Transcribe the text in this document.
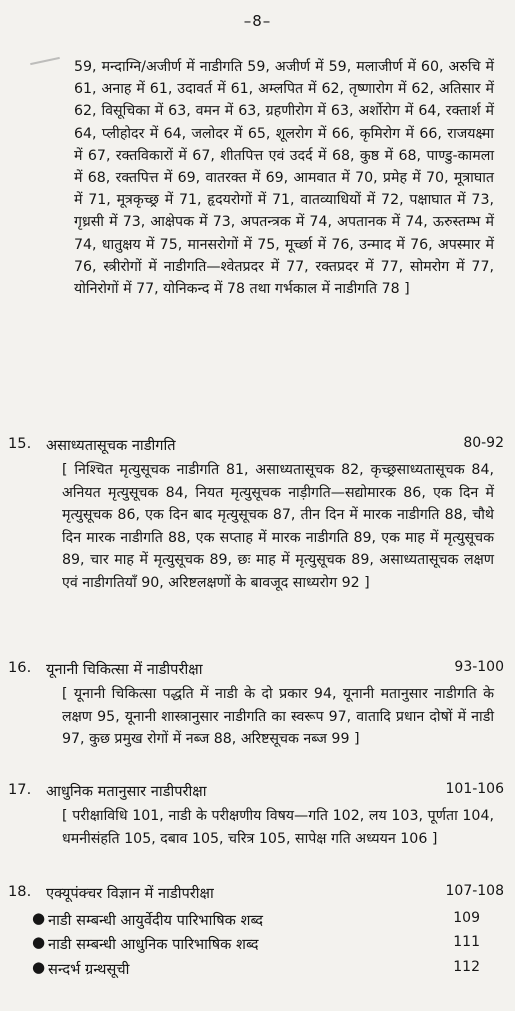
–8–
59, मन्दाग्नि/अजीर्ण में नाडीगति 59, अजीर्ण में 59, मलाजीर्ण में 60, अरुचि में 61, अनाह में 61, उदावर्त में 61, अम्लपित में 62, तृष्णारोग में 62, अतिसार में 62, विसूचिका में 63, वमन में 63, ग्रहणीरोग में 63, अर्शोरोग में 64, रक्तार्श में 64, प्लीहोदर में 64, जलोदर में 65, शूलरोग में 66, कृमिरोग में 66, राजयक्ष्मा में 67, रक्तविकारों में 67, शीतपित्त एवं उदर्द में 68, कुष्ठ में 68, पाण्डु-कामला में 68, रक्तपित्त में 69, वातरक्त में 69, आमवात में 70, प्रमेह में 70, मूत्राघात में 71, मूत्रकृच्छ्र में 71, हृदयरोगों में 71, वातव्याधियों में 72, पक्षाघात में 73, गृध्रसी में 73, आक्षेपक में 73, अपतन्त्रक में 74, अपतानक में 74, ऊरुस्तम्भ में 74, धातुक्षय में 75, मानसरोगों में 75, मूर्च्छा में 76, उन्माद में 76, अपस्मार में 76, स्त्रीरोगों में नाडीगति—श्वेतप्रदर में 77, रक्तप्रदर में 77, सोमरोग में 77, योनिरोगों में 77, योनिकन्द में 78 तथा गर्भकाल में नाडीगति 78 ]
15. असाध्यतासूचक नाडीगति	80-92
[ निश्चित मृत्युसूचक नाडीगति 81, असाध्यतासूचक 82, कृच्छ्रसाध्यतासूचक 84, अनियत मृत्युसूचक 84, नियत मृत्युसूचक नाड़ीगति—सद्योमारक 86, एक दिन में मृत्युसूचक 86, एक दिन बाद मृत्युसूचक 87, तीन दिन में मारक नाडीगति 88, चौथे दिन मारक नाडीगति 88, एक सप्ताह में मारक नाडीगति 89, एक माह में मृत्युसूचक 89, चार माह में मृत्युसूचक 89, छः माह में मृत्युसूचक 89, असाध्यतासूचक लक्षण एवं नाडीगतियाँ 90, अरिष्टलक्षणों के बावजूद साध्यरोग 92 ]
16. यूनानी चिकित्सा में नाडीपरीक्षा	93-100
[ यूनानी चिकित्सा पद्धति में नाडी के दो प्रकार 94, यूनानी मतानुसार नाडीगति के लक्षण 95, यूनानी शास्त्रानुसार नाडीगति का स्वरूप 97, वातादि प्रधान दोषों में नाडी 97, कुछ प्रमुख रोगों में नब्ज 88, अरिष्टसूचक नब्ज 99 ]
17. आधुनिक मतानुसार नाडीपरीक्षा	101-106
[ परीक्षाविधि 101, नाडी के परीक्षणीय विषय—गति 102, लय 103, पूर्णता 104, धमनीसंहति 105, दबाव 105, चरित्र 105, सापेक्ष गति अध्ययन 106 ]
18. एक्यूपंक्चर विज्ञान में नाडीपरीक्षा	107-108
● नाडी सम्बन्धी आयुर्वेदीय पारिभाषिक शब्द	109
● नाडी सम्बन्धी आधुनिक पारिभाषिक शब्द	111
● सन्दर्भ ग्रन्थसूची	112
